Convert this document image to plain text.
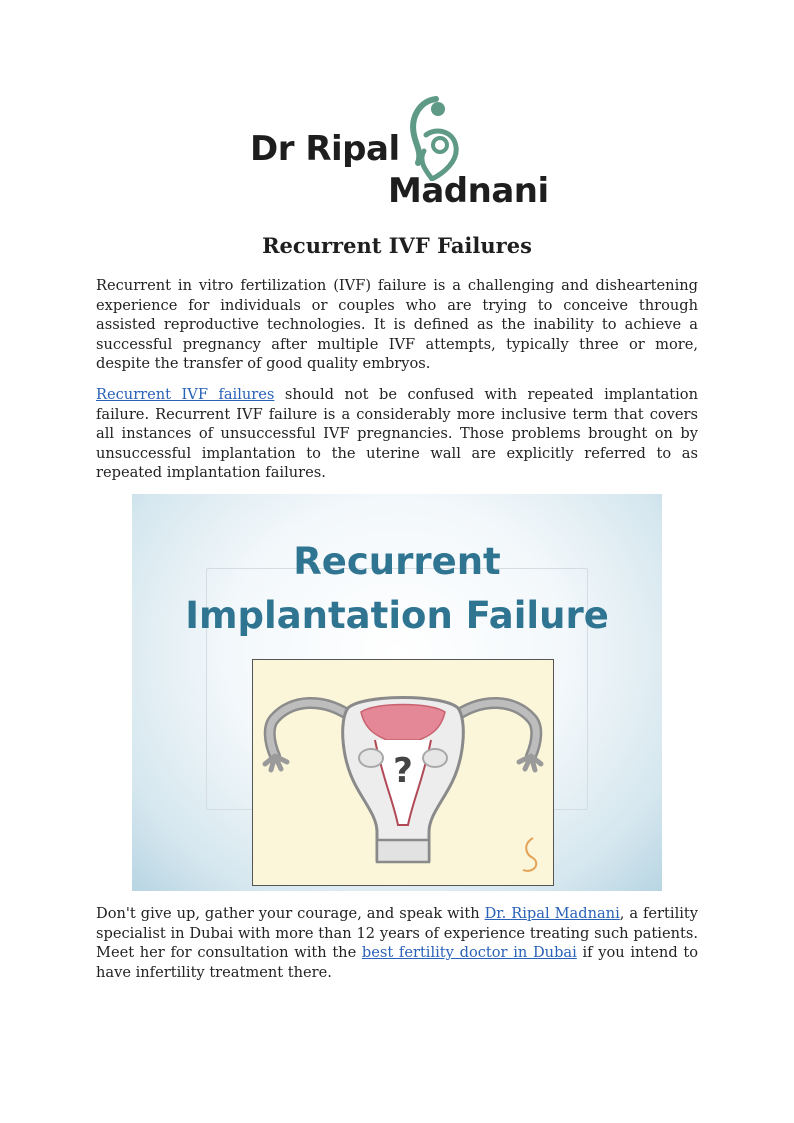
Dr Ripal
Madnani
Recurrent IVF Failures

Recurrent in vitro fertilization (IVF) failure is a challenging and disheartening experience for individuals or couples who are trying to conceive through assisted reproductive technologies. It is defined as the inability to achieve a successful pregnancy after multiple IVF attempts, typically three or more, despite the transfer of good quality embryos.

Recurrent IVF failures should not be confused with repeated implantation failure. Recurrent IVF failure is a considerably more inclusive term that covers all instances of unsuccessful IVF pregnancies. Those problems brought on by unsuccessful implantation to the uterine wall are explicitly referred to as repeated implantation failures.

Recurrent
Implantation Failure
?

Don't give up, gather your courage, and speak with Dr. Ripal Madnani, a fertility specialist in Dubai with more than 12 years of experience treating such patients. Meet her for consultation with the best fertility doctor in Dubai if you intend to have infertility treatment there.
